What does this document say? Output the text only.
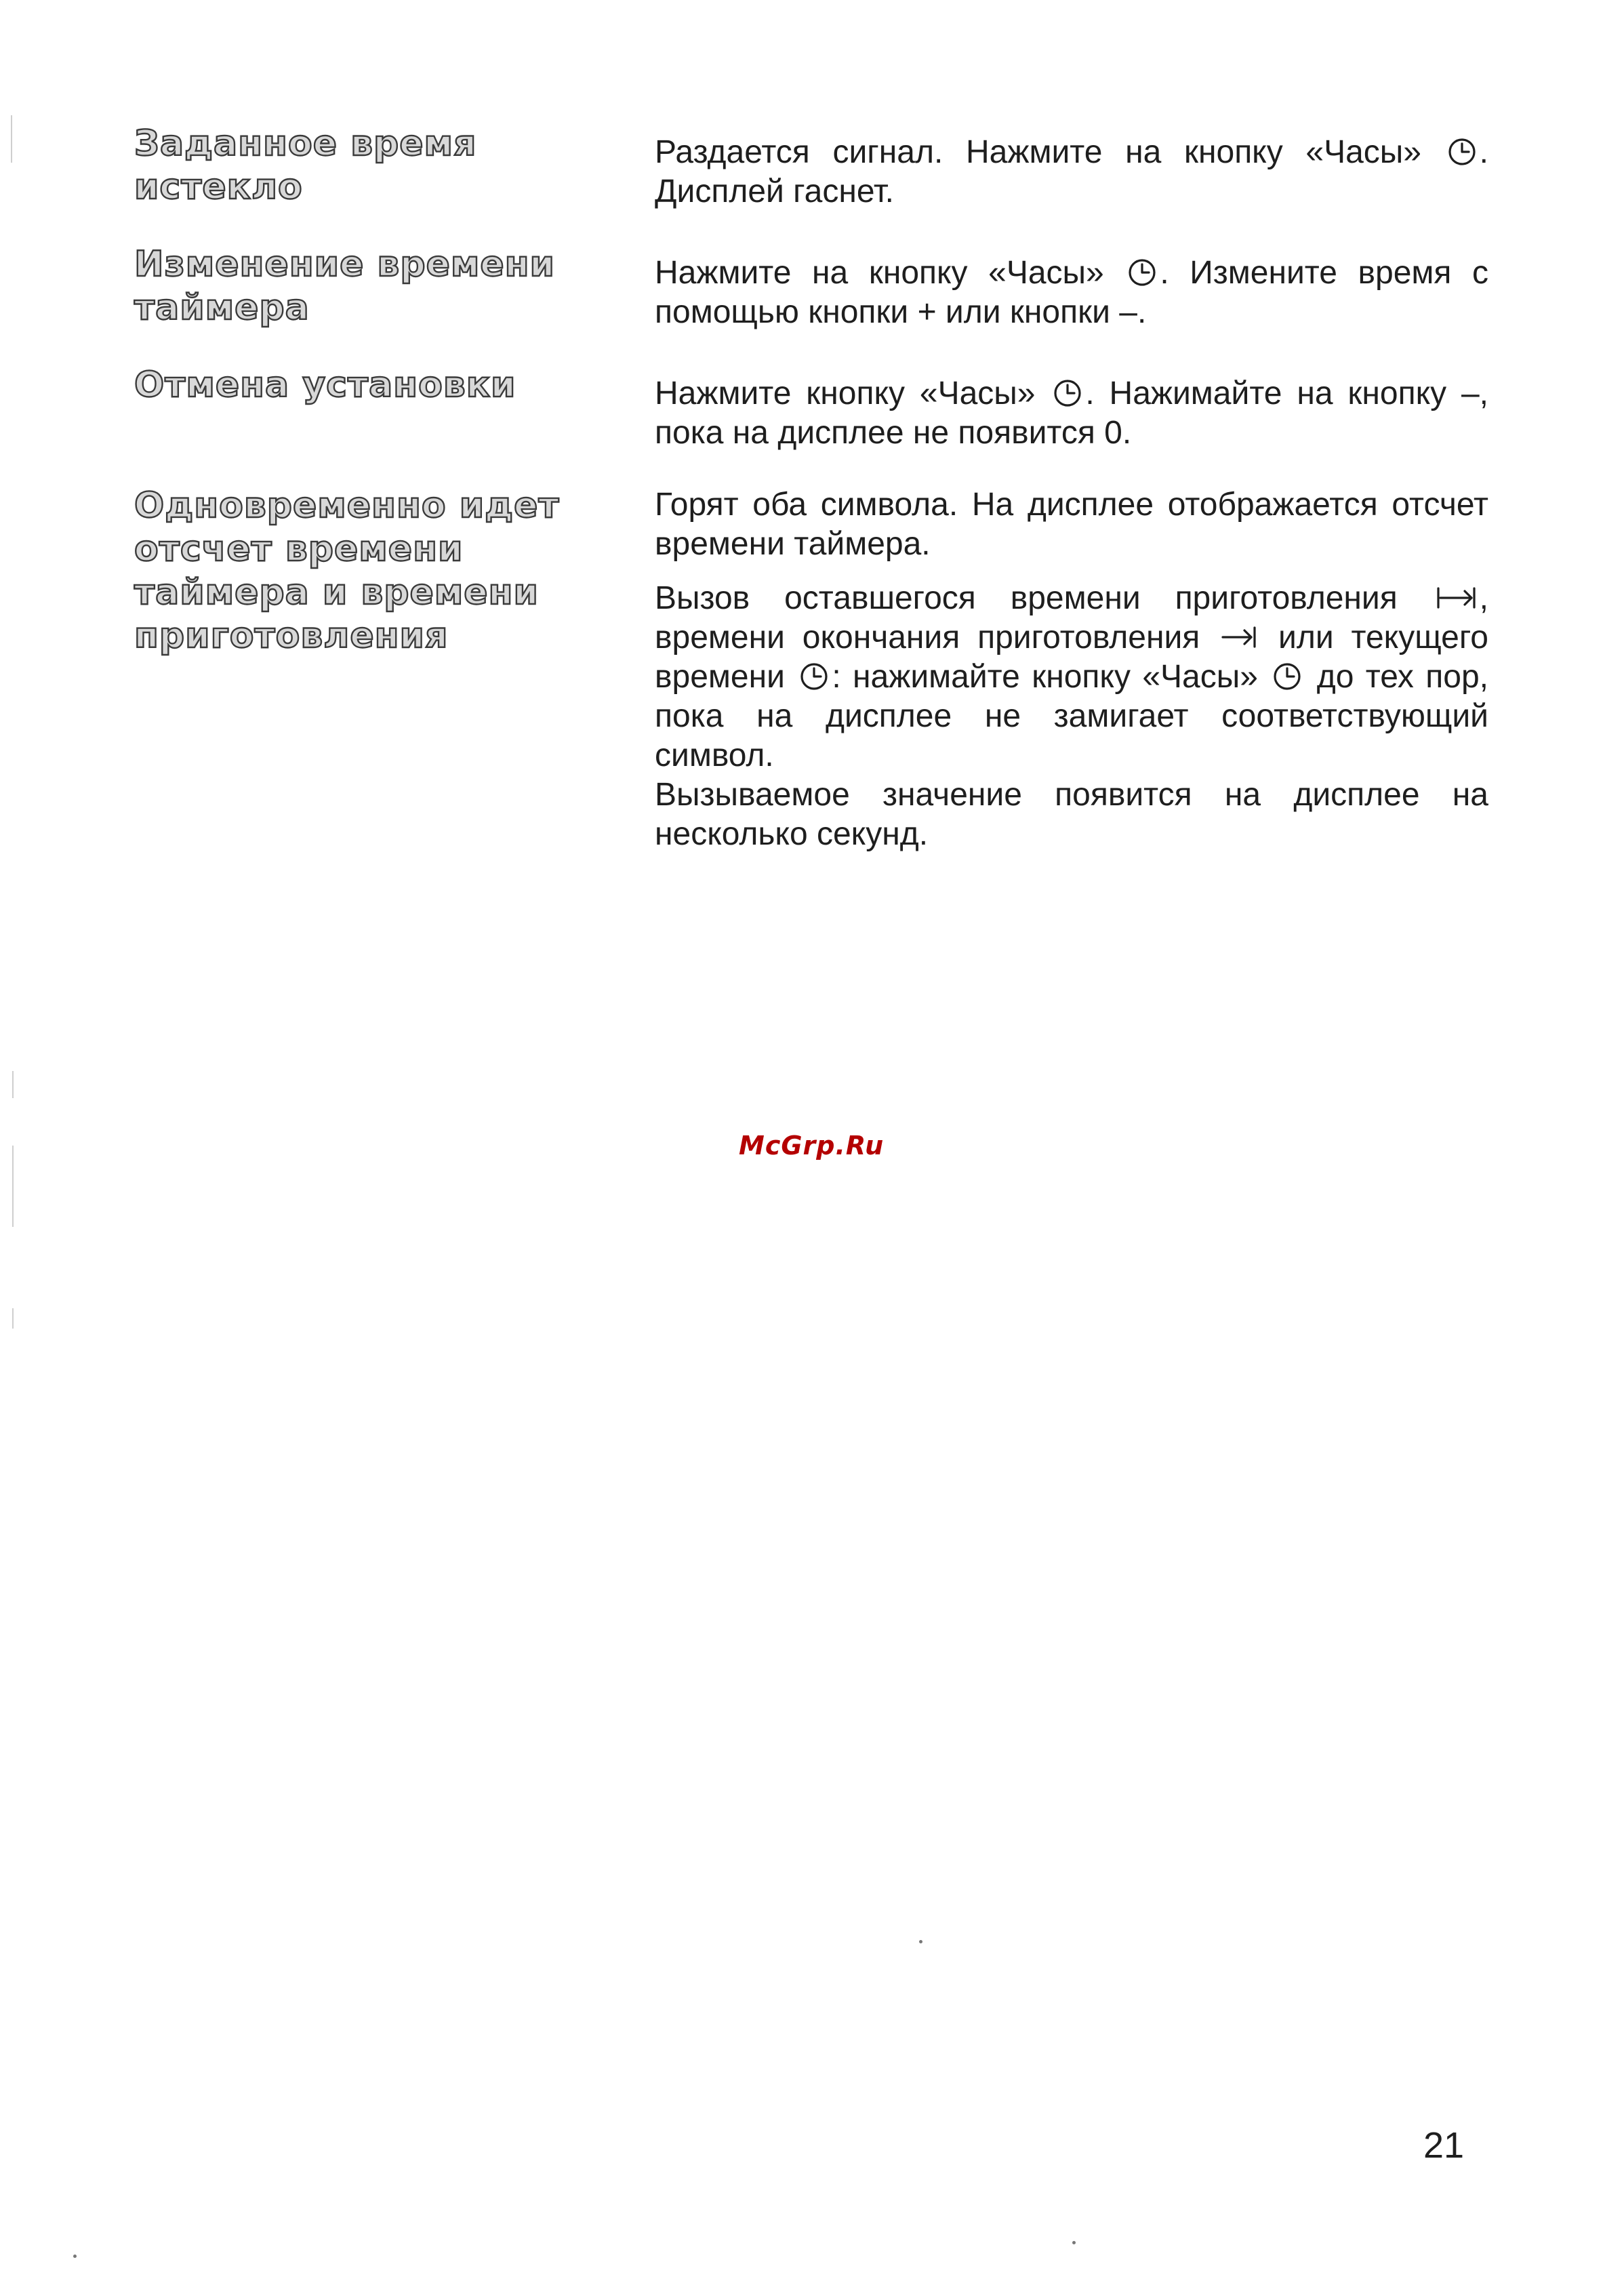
Заданное время истекло

Раздается сигнал. Нажмите на кнопку «Часы»
. Дисплей гаснет.

Изменение времени таймера

Нажмите на кнопку «Часы»
. Измените время с помощью кнопки + или кнопки –.

Отмена установки	Нажмите кнопку «Часы»
. Нажимайте на кнопку –, пока на дисплее не появится 0.

Одновременно идет отсчет времени таймера и времени приготовления

Горят оба символа. На дисплее отображается отсчет времени таймера.

Вызов оставшегося времени приготовления
, времени окончания приготовления
или текущего времени
: нажимайте кнопку «Часы»
до тех пор, пока на дисплее не замигает соответствующий символ.

Вызываемое значение появится на дисплее на несколько секунд.

McGrp.Ru
21
